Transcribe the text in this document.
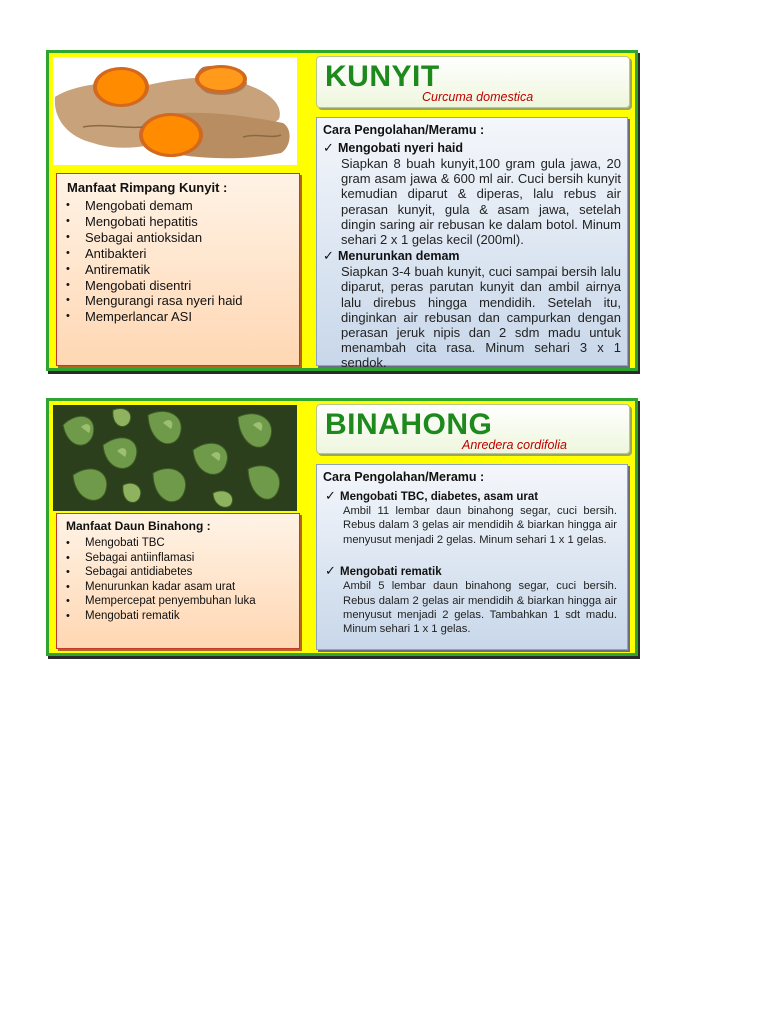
KUNYIT
Curcuma domestica
Manfaat Rimpang Kunyit :
• Mengobati demam
• Mengobati hepatitis
• Sebagai antioksidan
• Antibakteri
• Antirematik
• Mengobati disentri
• Mengurangi rasa nyeri haid
• Memperlancar ASI
Cara Pengolahan/Meramu :
✓ Mengobati nyeri haid

Siapkan 8 buah kunyit,100 gram gula jawa, 20 gram asam jawa & 600 ml air. Cuci bersih kunyit kemudian diparut & diperas, lalu rebus air perasan kunyit, gula & asam jawa, setelah dingin saring air rebusan ke dalam botol. Minum sehari 2 x 1 gelas kecil (200ml).

✓ Menurunkan demam

Siapkan 3-4 buah kunyit, cuci sampai bersih lalu diparut, peras parutan kunyit dan ambil airnya lalu direbus hingga mendidih. Setelah itu, dinginkan air rebusan dan campurkan dengan perasan jeruk nipis dan 2 sdm madu untuk menambah cita rasa. Minum sehari 3 x 1 sendok.

BINAHONG
Anredera cordifolia
Manfaat Daun Binahong :
• Mengobati TBC
• Sebagai antiinflamasi
• Sebagai antidiabetes
• Menurunkan kadar asam urat
• Mempercepat penyembuhan luka
• Mengobati rematik
Cara Pengolahan/Meramu :
✓ Mengobati TBC, diabetes, asam urat

Ambil 11 lembar daun binahong segar, cuci bersih. Rebus dalam 3 gelas air mendidih & biarkan hingga air menyusut menjadi 2 gelas. Minum sehari 1 x 1 gelas.

✓ Mengobati rematik

Ambil 5 lembar daun binahong segar, cuci bersih. Rebus dalam 2 gelas air mendidih & biarkan hingga air menyusut menjadi 2 gelas. Tambahkan 1 sdt madu. Minum sehari 1 x 1 gelas.
